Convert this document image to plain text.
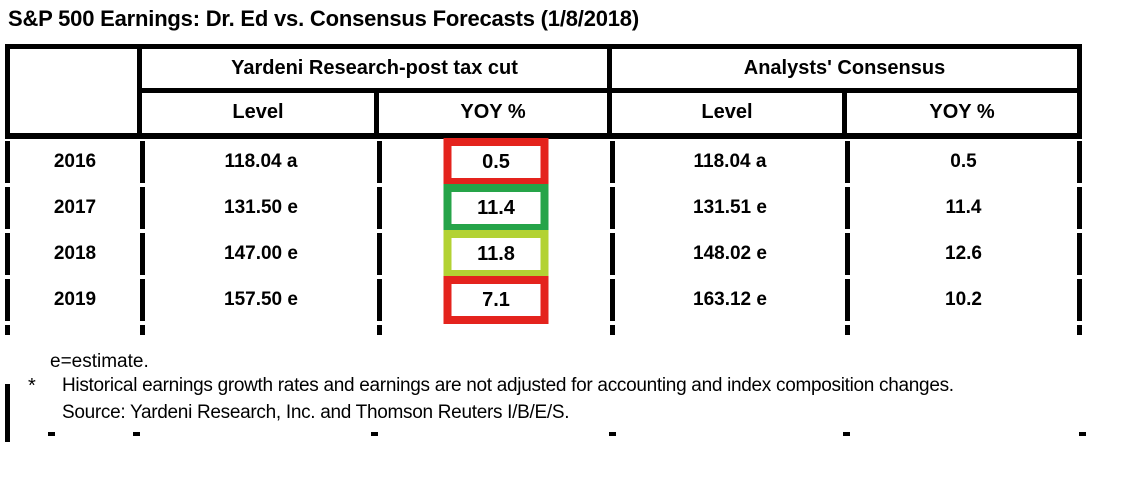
S&P 500 Earnings: Dr. Ed vs. Consensus Forecasts (1/8/2018)
Yardeni Research-post tax cut	Analysts' Consensus
Level	YOY %	Level	YOY %
2016	118.04 a	0.5	118.04 a	0.5
2017	131.50 e	11.4	131.51 e	11.4
2018	147.00 e	11.8	148.02 e	12.6
2019	157.50 e	7.1	163.12 e	10.2
e=estimate.
* Historical earnings growth rates and earnings are not adjusted for accounting and index composition changes.
Source: Yardeni Research, Inc. and Thomson Reuters I/B/E/S.
